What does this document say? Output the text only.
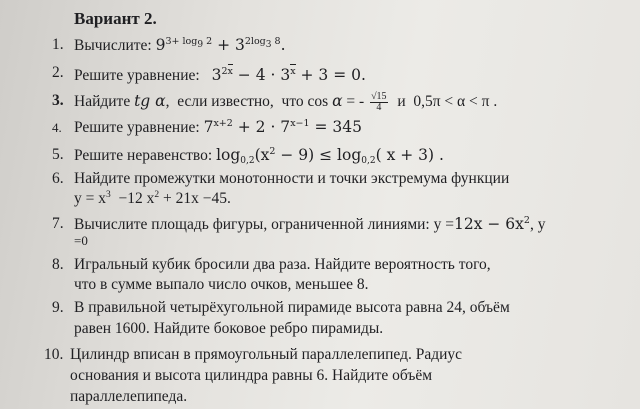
Вариант 2.
1. Вычислите: $9^{3+ log_9 2} + 3^{2log_3 8}$.
2. Решите уравнение: $3^{2x} - 4 \cdot 3^x + 3 = 0$.
3. Найдите tg α,  если известно,  что cos α = - √15
4  и  0,5π < α < π .
4. Решите уравнение: $7^{x+2} + 2 \cdot 7^{x-1} = 345$
5. Решите неравенство: $\log_{0,2}(x^2 - 9) \le \log_{0,2}$( x + 3) .
6. Найдите промежутки монотонности и точки экстремума функции
$y = x^3 -12$ $x^2 + 21x -45$.
7. Вычислите площадь фигуры, ограниченной линиями: $y =12x - 6x^2$, y
=0
8. Игральный кубик бросили два раза. Найдите вероятность того,
что в сумме выпало число очков, меньшее 8.
9. В правильной четырёхугольной пирамиде высота равна 24, объём
равен 1600. Найдите боковое ребро пирамиды.
10. Цилиндр вписан в прямоугольный параллелепипед. Радиус
основания и высота цилиндра равны 6. Найдите объём
параллелепипеда.
